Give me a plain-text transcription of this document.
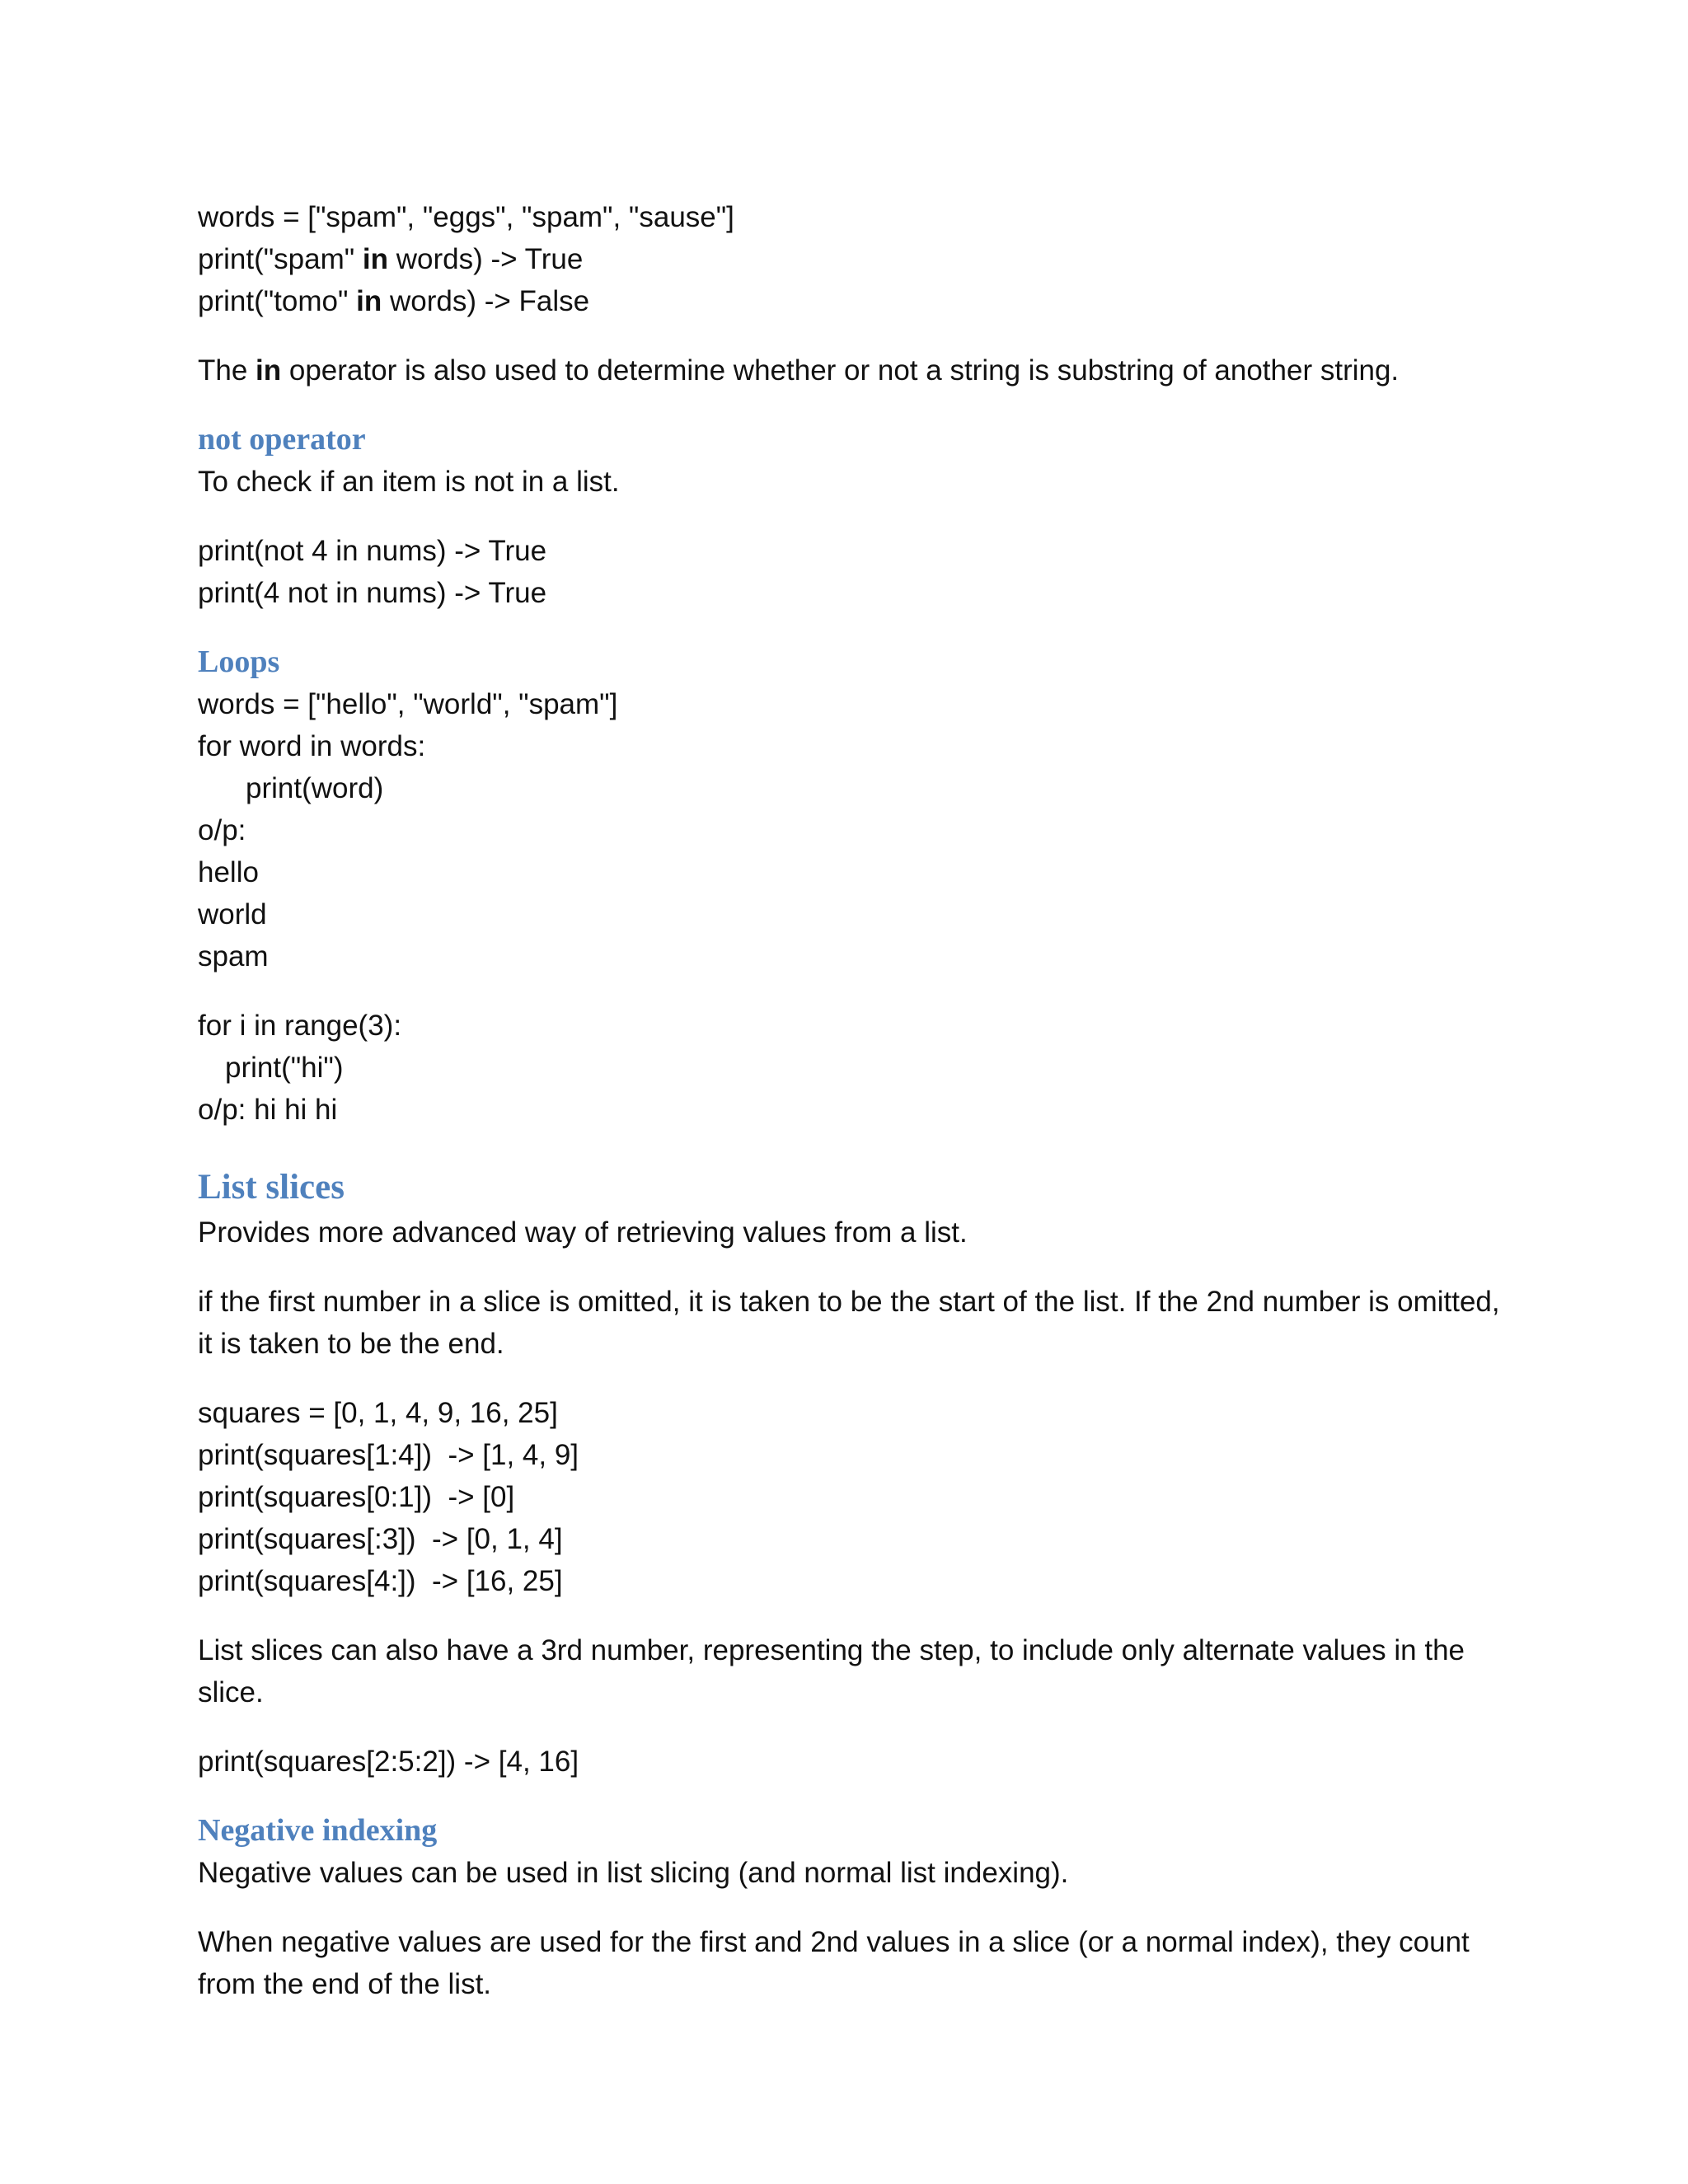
words = ["spam", "eggs", "spam", "sause"]
print("spam" in words) -> True
print("tomo" in words) -> False
The in operator is also used to determine whether or not a string is substring of another string.
not operator
To check if an item is not in a list.
print(not 4 in nums) -> True
print(4 not in nums) -> True
Loops
words = ["hello", "world", "spam"]
for word in words:
print(word)
o/p:
hello
world
spam
for i in range(3):
print("hi")
o/p: hi hi hi
List slices
Provides more advanced way of retrieving values from a list.
if the first number in a slice is omitted, it is taken to be the start of the list. If the 2nd number is omitted, it is taken to be the end.
squares = [0, 1, 4, 9, 16, 25]
print(squares[1:4])  -> [1, 4, 9]
print(squares[0:1])  -> [0]
print(squares[:3])  -> [0, 1, 4]
print(squares[4:])  -> [16, 25]
List slices can also have a 3rd number, representing the step, to include only alternate values in the slice.
print(squares[2:5:2]) -> [4, 16]
Negative indexing
Negative values can be used in list slicing (and normal list indexing).
When negative values are used for the first and 2nd values in a slice (or a normal index), they count from the end of the list.
